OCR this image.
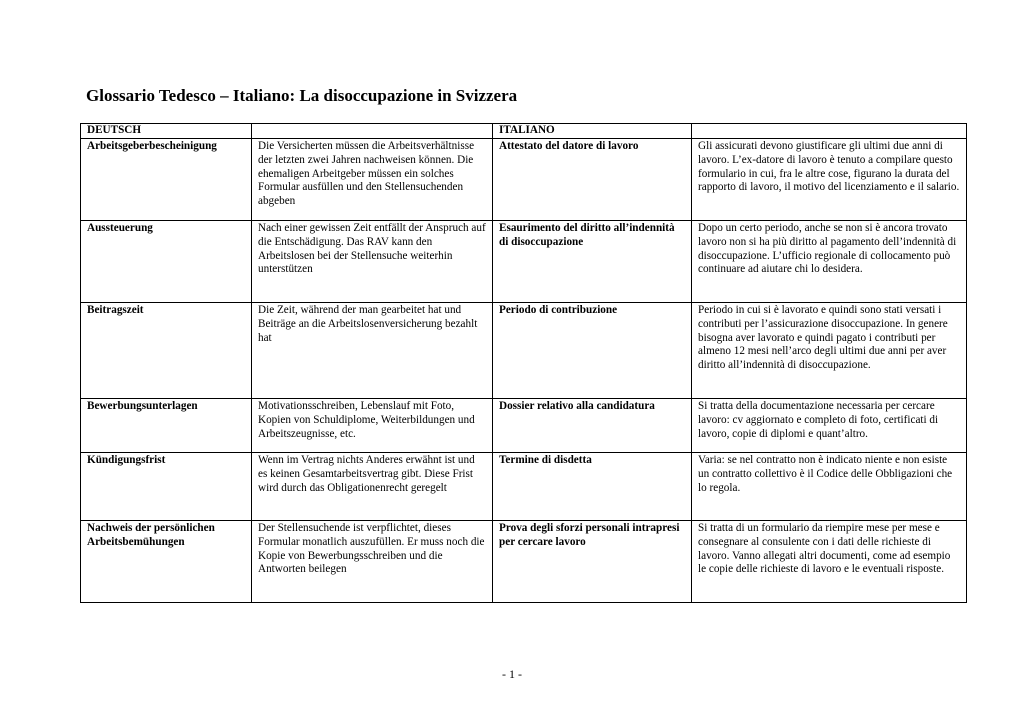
Glossario Tedesco – Italiano: La disoccupazione in Svizzera
DEUTSCH		ITALIANO	
Arbeitsgeberbescheinigung	Die Versicherten müssen die Arbeitsverhältnisse der letzten zwei Jahren nachweisen können. Die ehemaligen Arbeitgeber müssen ein solches Formular ausfüllen und den Stellensuchenden abgeben	Attestato del datore di lavoro	Gli assicurati devono giustificare gli ultimi due anni di lavoro. L’ex-datore di lavoro è tenuto a compilare questo formulario in cui, fra le altre cose, figurano la durata del rapporto di lavoro, il motivo del licenziamento e il salario.
Aussteuerung	Nach einer gewissen Zeit entfällt der Anspruch auf die Entschädigung. Das RAV kann den Arbeitslosen bei der Stellensuche weiterhin unterstützen	Esaurimento del diritto all’indennità di disoccupazione	Dopo un certo periodo, anche se non si è ancora trovato lavoro non si ha più diritto al pagamento dell’indennità di disoccupazione. L’ufficio regionale di collocamento può continuare ad aiutare chi lo desidera.
Beitragszeit	Die Zeit, während der man gearbeitet hat und Beiträge an die Arbeitslosenversicherung bezahlt hat	Periodo di contribuzione	Periodo in cui si è lavorato e quindi sono stati versati i contributi per l’assicurazione disoccupazione. In genere bisogna aver lavorato e quindi pagato i contributi per almeno 12 mesi nell’arco degli ultimi due anni per aver diritto all’indennità di disoccupazione.
Bewerbungsunterlagen	Motivationsschreiben, Lebenslauf mit Foto, Kopien von Schuldiplome, Weiterbildungen und Arbeitszeugnisse, etc.	Dossier relativo alla candidatura	Si tratta della documentazione necessaria per cercare lavoro: cv aggiornato e completo di foto, certificati di lavoro, copie di diplomi e quant’altro.
Kündigungsfrist	Wenn im Vertrag nichts Anderes erwähnt ist und es keinen Gesamtarbeitsvertrag gibt. Diese Frist wird durch das Obligationenrecht geregelt	Termine di disdetta	Varia: se nel contratto non è indicato niente e non esiste un contratto collettivo è il Codice delle Obbligazioni che lo regola.
Nachweis der persönlichen Arbeitsbemühungen	Der Stellensuchende ist verpflichtet, dieses Formular monatlich auszufüllen. Er muss noch die Kopie von Bewerbungsschreiben und die Antworten beilegen	Prova degli sforzi personali intrapresi per cercare lavoro	Si tratta di un formulario da riempire mese per mese e consegnare al consulente con i dati delle richieste di lavoro. Vanno allegati altri documenti, come ad esempio le copie delle richieste di lavoro e le eventuali risposte.
- 1 -
